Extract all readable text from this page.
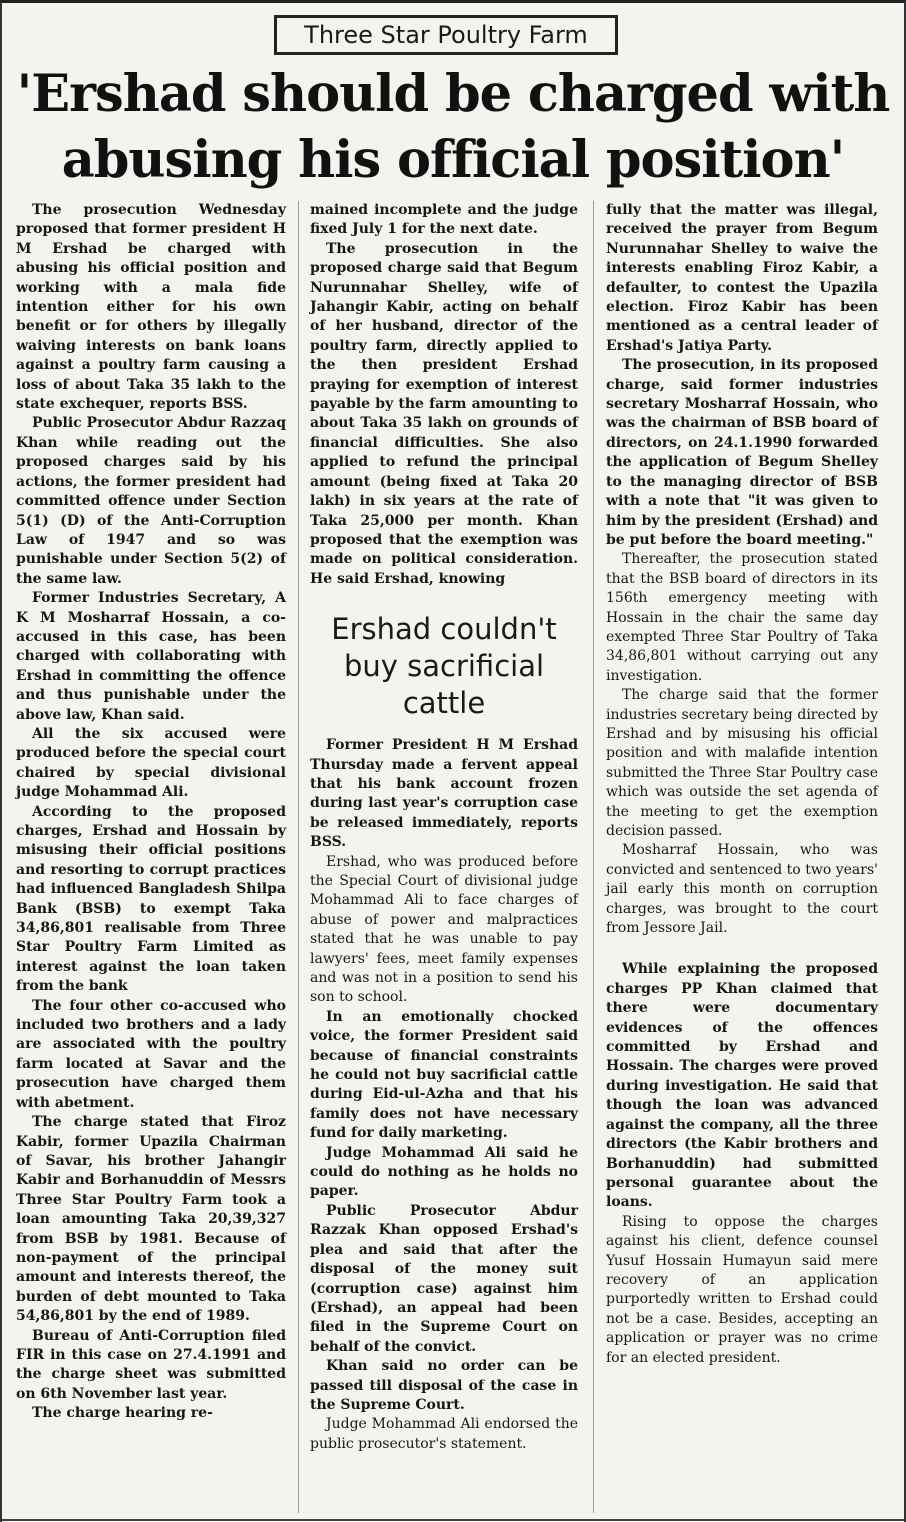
Three Star Poultry Farm
'Ershad should be charged with
abusing his official position'

The prosecution Wednesday proposed that former president H M Ershad be charged with abusing his official position and working with a mala fide intention either for his own benefit or for others by illegally waiving interests on bank loans against a poultry farm causing a loss of about Taka 35 lakh to the state exchequer, reports BSS.

Public Prosecutor Abdur Razzaq Khan while reading out the proposed charges said by his actions, the former president had committed offence under Section 5(1) (D) of the Anti-Corruption Law of 1947 and so was punishable under Section 5(2) of the same law.

Former Industries Secretary, A K M Mosharraf Hossain, a co-accused in this case, has been charged with collaborating with Ershad in committing the offence and thus punishable under the above law, Khan said.

All the six accused were produced before the special court chaired by special divisional judge Mohammad Ali.

According to the proposed charges, Ershad and Hossain by misusing their official positions and resorting to corrupt practices had influenced Bangladesh Shilpa Bank (BSB) to exempt Taka 34,86,801 realisable from Three Star Poultry Farm Limited as interest against the loan taken from the bank

The four other co-accused who included two brothers and a lady are associated with the poultry farm located at Savar and the prosecution have charged them with abetment.

The charge stated that Firoz Kabir, former Upazila Chairman of Savar, his brother Jahangir Kabir and Borhanuddin of Messrs Three Star Poultry Farm took a loan amounting Taka 20,39,327 from BSB by 1981. Because of non-payment of the principal amount and interests thereof, the burden of debt mounted to Taka 54,86,801 by the end of 1989.

Bureau of Anti-Corruption filed FIR in this case on 27.4.1991 and the charge sheet was submitted on 6th November last year.

The charge hearing re-

mained incomplete and the judge fixed July 1 for the next date.

The prosecution in the proposed charge said that Begum Nurunnahar Shelley, wife of Jahangir Kabir, acting on behalf of her husband, director of the poultry farm, directly applied to the then president Ershad praying for exemption of interest payable by the farm amounting to about Taka 35 lakh on grounds of financial difficulties. She also applied to refund the principal amount (being fixed at Taka 20 lakh) in six years at the rate of Taka 25,000 per month. Khan proposed that the exemption was made on political consideration. He said Ershad, knowing

Ershad couldn't buy sacrificial cattle

Former President H M Ershad Thursday made a fervent appeal that his bank account frozen during last year's corruption case be released immediately, reports BSS.

Ershad, who was produced before the Special Court of divisional judge Mohammad Ali to face charges of abuse of power and malpractices stated that he was unable to pay lawyers' fees, meet family expenses and was not in a position to send his son to school.

In an emotionally chocked voice, the former President said because of financial constraints he could not buy sacrificial cattle during Eid-ul-Azha and that his family does not have necessary fund for daily marketing.

Judge Mohammad Ali said he could do nothing as he holds no paper.

Public Prosecutor Abdur Razzak Khan opposed Ershad's plea and said that after the disposal of the money suit (corruption case) against him (Ershad), an appeal had been filed in the Supreme Court on behalf of the convict.

Khan said no order can be passed till disposal of the case in the Supreme Court.

Judge Mohammad Ali endorsed the public prosecutor's statement.

fully that the matter was illegal, received the prayer from Begum Nurunnahar Shelley to waive the interests enabling Firoz Kabir, a defaulter, to contest the Upazila election. Firoz Kabir has been mentioned as a central leader of Ershad's Jatiya Party.

The prosecution, in its proposed charge, said former industries secretary Mosharraf Hossain, who was the chairman of BSB board of directors, on 24.1.1990 forwarded the application of Begum Shelley to the managing director of BSB with a note that "it was given to him by the president (Ershad) and be put before the board meeting."

Thereafter, the prosecution stated that the BSB board of directors in its 156th emergency meeting with Hossain in the chair the same day exempted Three Star Poultry of Taka 34,86,801 without carrying out any investigation.

The charge said that the former industries secretary being directed by Ershad and by misusing his official position and with malafide intention submitted the Three Star Poultry case which was outside the set agenda of the meeting to get the exemption decision passed.

Mosharraf Hossain, who was convicted and sentenced to two years' jail early this month on corruption charges, was brought to the court from Jessore Jail.

While explaining the proposed charges PP Khan claimed that there were documentary evidences of the offences committed by Ershad and Hossain. The charges were proved during investigation. He said that though the loan was advanced against the company, all the three directors (the Kabir brothers and Borhanuddin) had submitted personal guarantee about the loans.

Rising to oppose the charges against his client, defence counsel Yusuf Hossain Humayun said mere recovery of an application purportedly written to Ershad could not be a case. Besides, accepting an application or prayer was no crime for an elected president.
